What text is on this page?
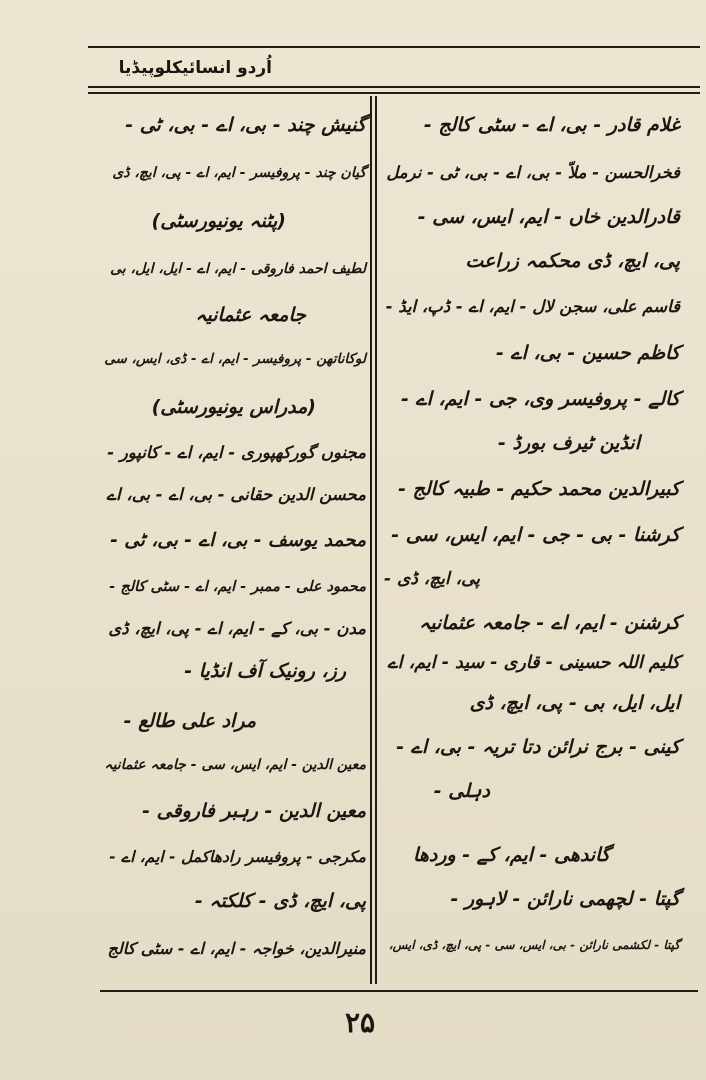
اُردو انسائیکلوپیڈیا
غلام قادر - بی، اے - سٹی کالج -
فخرالحسن - ملاّ - بی، اے - بی، ٹی - نرمل
قادرالدین خاں - ایم، ایس، سی -
پی، ایچ، ڈی محکمہ زراعت
قاسم علی، سجن لال - ایم، اے - ڈپ، ایڈ -
کاظم حسین - بی، اے -
کالے - پروفیسر وی، جی - ایم، اے -
انڈین ٹیرف بورڈ -
کبیرالدین محمد حکیم - طبیہ کالج -
کرشنا - بی - جی - ایم، ایس، سی -
پی، ایچ، ڈی -
کرشنن - ایم، اے - جامعہ عثمانیہ
کلیم اللہ حسینی - قاری - سید - ایم، اے
ایل، ایل، بی - پی، ایچ، ڈی
کینی - برج نرائن دتا تریہ - بی، اے -
دہلی -
گاندھی - ایم، کے - وردھا
گپتا - لچھمی نارائن - لاہور -
گپتا - لکشمی نارائن - بی، ایس، سی - پی، ایچ، ڈی، ایس،
گنیش چند - بی، اے - بی، ٹی -
گیان چند - پروفیسر - ایم، اے - پی، ایچ، ڈی
(پٹنہ یونیورسٹی)
لطیف احمد فاروقی - ایم، اے - ایل، ایل، بی
جامعہ عثمانیہ
لوکاناتھن - پروفیسر - ایم، اے - ڈی، ایس، سی
(مدراس یونیورسٹی)
مجنوں گورکھپوری - ایم، اے - کانپور -
محسن الدین حقانی - بی، اے - بی، اے
محمد یوسف - بی، اے - بی، ٹی -
محمود علی - ممبر - ایم، اے - سٹی کالج -
مدن - بی، کے - ایم، اے - پی، ایچ، ڈی
رز، رونیک آف انڈیا -
مراد علی طالع -
معین الدین - ایم، ایس، سی - جامعہ عثمانیہ
معین الدین - رہبر فاروقی -
مکرجی - پروفیسر رادھاکمل - ایم، اے -
پی، ایچ، ڈی - کلکتہ -
منیرالدین، خواجہ - ایم، اے - سٹی کالج
۲۵
